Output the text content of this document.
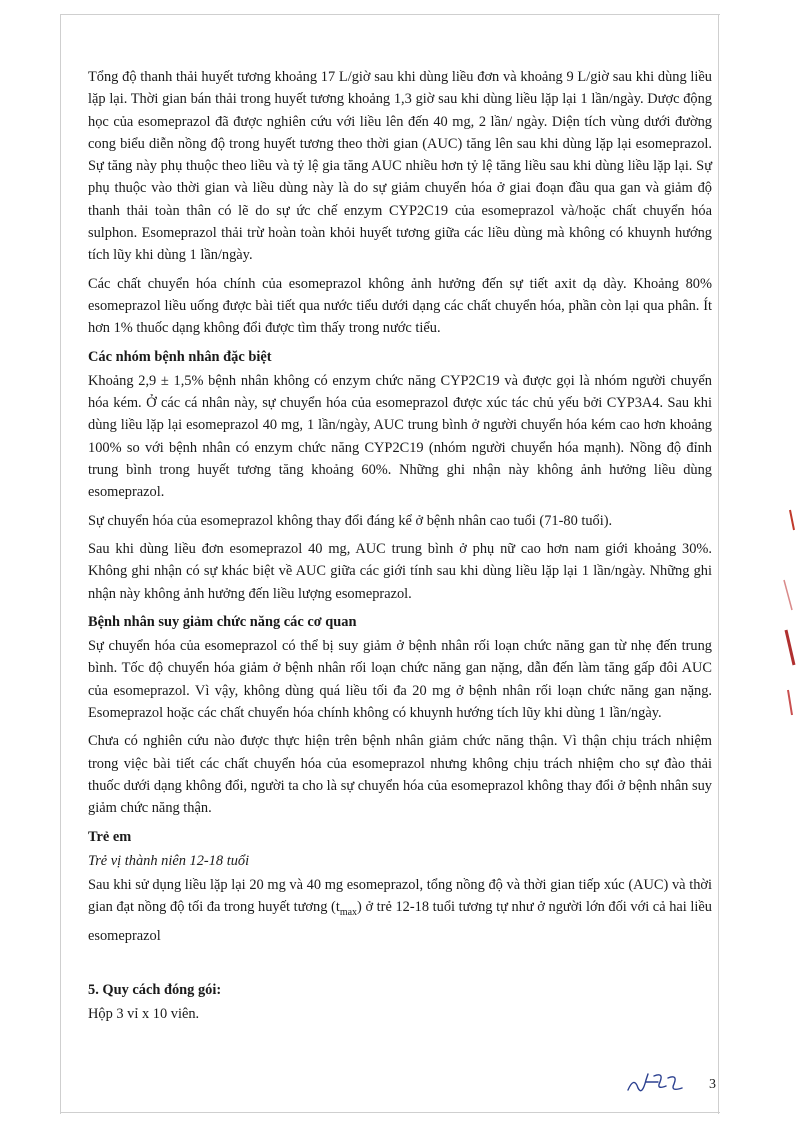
Tổng độ thanh thải huyết tương khoảng 17 L/giờ sau khi dùng liều đơn và khoảng 9 L/giờ sau khi dùng liều lặp lại. Thời gian bán thải trong huyết tương khoảng 1,3 giờ sau khi dùng liều lặp lại 1 lần/ngày. Dược động học của esomeprazol đã được nghiên cứu với liều lên đến 40 mg, 2 lần/ ngày. Diện tích vùng dưới đường cong biểu diễn nồng độ trong huyết tương theo thời gian (AUC) tăng lên sau khi dùng lặp lại esomeprazol. Sự tăng này phụ thuộc theo liều và tỷ lệ gia tăng AUC nhiều hơn tỷ lệ tăng liều sau khi dùng liều lặp lại. Sự phụ thuộc vào thời gian và liều dùng này là do sự giảm chuyển hóa ở giai đoạn đầu qua gan và giảm độ thanh thải toàn thân có lẽ do sự ức chế enzym CYP2C19 của esomeprazol và/hoặc chất chuyển hóa sulphon. Esomeprazol thải trừ hoàn toàn khỏi huyết tương giữa các liều dùng mà không có khuynh hướng tích lũy khi dùng 1 lần/ngày.

Các chất chuyển hóa chính của esomeprazol không ảnh hưởng đến sự tiết axit dạ dày. Khoảng 80% esomeprazol liều uống được bài tiết qua nước tiểu dưới dạng các chất chuyển hóa, phần còn lại qua phân. Ít hơn 1% thuốc dạng không đổi được tìm thấy trong nước tiểu.

Các nhóm bệnh nhân đặc biệt

Khoảng 2,9 ± 1,5% bệnh nhân không có enzym chức năng CYP2C19 và được gọi là nhóm người chuyển hóa kém. Ở các cá nhân này, sự chuyển hóa của esomeprazol được xúc tác chủ yếu bởi CYP3A4. Sau khi dùng liều lặp lại esomeprazol 40 mg, 1 lần/ngày, AUC trung bình ở người chuyển hóa kém cao hơn khoảng 100% so với bệnh nhân có enzym chức năng CYP2C19 (nhóm người chuyển hóa mạnh). Nồng độ đỉnh trung bình trong huyết tương tăng khoảng 60%. Những ghi nhận này không ảnh hưởng liều dùng esomeprazol.

Sự chuyển hóa của esomeprazol không thay đổi đáng kể ở bệnh nhân cao tuổi (71-80 tuổi).

Sau khi dùng liều đơn esomeprazol 40 mg, AUC trung bình ở phụ nữ cao hơn nam giới khoảng 30%. Không ghi nhận có sự khác biệt về AUC giữa các giới tính sau khi dùng liều lặp lại 1 lần/ngày. Những ghi nhận này không ảnh hưởng đến liều lượng esomeprazol.

Bệnh nhân suy giảm chức năng các cơ quan

Sự chuyển hóa của esomeprazol có thể bị suy giảm ở bệnh nhân rối loạn chức năng gan từ nhẹ đến trung bình. Tốc độ chuyển hóa giảm ở bệnh nhân rối loạn chức năng gan nặng, dẫn đến làm tăng gấp đôi AUC của esomeprazol. Vì vậy, không dùng quá liều tối đa 20 mg ở bệnh nhân rối loạn chức năng gan nặng. Esomeprazol hoặc các chất chuyển hóa chính không có khuynh hướng tích lũy khi dùng 1 lần/ngày.

Chưa có nghiên cứu nào được thực hiện trên bệnh nhân giảm chức năng thận. Vì thận chịu trách nhiệm trong việc bài tiết các chất chuyển hóa của esomeprazol nhưng không chịu trách nhiệm cho sự đào thải thuốc dưới dạng không đổi, người ta cho là sự chuyển hóa của esomeprazol không thay đổi ở bệnh nhân suy giảm chức năng thận.

Trẻ em
Trẻ vị thành niên 12-18 tuổi

Sau khi sử dụng liều lặp lại 20 mg và 40 mg esomeprazol, tổng nồng độ và thời gian tiếp xúc (AUC) và thời gian đạt nồng độ tối đa trong huyết tương $(t_{max})$ ở trẻ 12-18 tuổi tương tự như ở người lớn đối với cả hai liều esomeprazol

5. Quy cách đóng gói:

Hộp 3 vỉ x 10 viên.

3
